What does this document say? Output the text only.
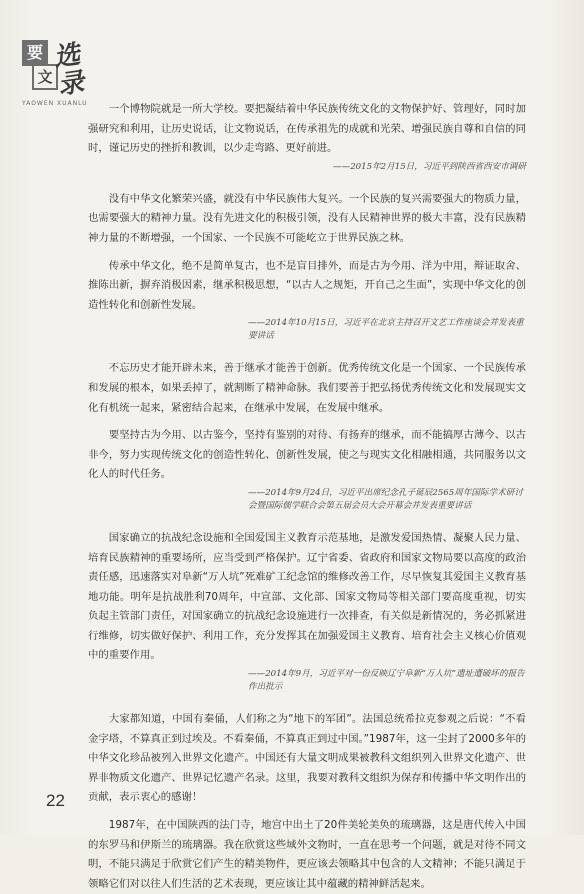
要
文
选录
YAOWEN XUANLU	一个博物院就是一所大学校。要把凝结着中华民族传统文化的文物保护好、管理好，同时加强研究和利用，让历史说话，让文物说话，在传承祖先的成就和光荣、增强民族自尊和自信的同时，谨记历史的挫折和教训，以少走弯路、更好前进。

——2015年2月15日，习近平到陕西省西安市调研

没有中华文化繁荣兴盛，就没有中华民族伟大复兴。一个民族的复兴需要强大的物质力量，也需要强大的精神力量。没有先进文化的积极引领，没有人民精神世界的极大丰富，没有民族精神力量的不断增强，一个国家、一个民族不可能屹立于世界民族之林。

传承中华文化，绝不是简单复古，也不是盲目排外，而是古为今用、洋为中用，辩证取舍、推陈出新，摒弃消极因素，继承积极思想，“以古人之规矩，开自己之生面”，实现中华文化的创造性转化和创新性发展。

——2014年10月15日，习近平在北京主持召开文艺工作座谈会并发表重要讲话

不忘历史才能开辟未来，善于继承才能善于创新。优秀传统文化是一个国家、一个民族传承和发展的根本，如果丢掉了，就割断了精神命脉。我们要善于把弘扬优秀传统文化和发展现实文化有机统一起来，紧密结合起来，在继承中发展，在发展中继承。

要坚持古为今用、以古鉴今，坚持有鉴别的对待、有扬弃的继承，而不能搞厚古薄今、以古非今，努力实现传统文化的创造性转化、创新性发展，使之与现实文化相融相通，共同服务以文化人的时代任务。

——2014年9月24日，习近平出席纪念孔子诞辰2565周年国际学术研讨会暨国际儒学联合会第五届会员大会开幕会并发表重要讲话

国家确立的抗战纪念设施和全国爱国主义教育示范基地，是激发爱国热情、凝聚人民力量、培育民族精神的重要场所，应当受到严格保护。辽宁省委、省政府和国家文物局要以高度的政治责任感，迅速落实对阜新“万人坑”死难矿工纪念馆的维修改善工作，尽早恢复其爱国主义教育基地功能。明年是抗战胜利70周年，中宣部、文化部、国家文物局等相关部门要高度重视，切实负起主管部门责任，对国家确立的抗战纪念设施进行一次排查，有关似是新情况的，务必抓紧进行维修，切实做好保护、利用工作，充分发挥其在加强爱国主义教育、培育社会主义核心价值观中的重要作用。

——2014年9月，习近平对一份反映辽宁阜新“万人坑”遗址遭破坏的报告作出批示

大家都知道，中国有秦俑，人们称之为“地下的军团”。法国总统希拉克参观之后说：“不看金字塔，不算真正到过埃及。不看秦俑，不算真正到过中国。”1987年，这一尘封了2000多年的中华文化珍品被列入世界文化遗产。中国还有大量文明成果被教科文组织列入世界文化遗产、世界非物质文化遗产、世界记忆遗产名录。这里，我要对教科文组织为保存和传播中华文明作出的贡献，表示衷心的感谢！

1987年，在中国陕西的法门寺，地宫中出土了20件美轮美奂的琉璃器，这是唐代传入中国的东罗马和伊斯兰的琉璃器。我在欣赏这些域外文物时，一直在思考一个问题，就是对待不同文明，不能只满足于欣赏它们产生的精美物件，更应该去领略其中包含的人文精神；不能只满足于领略它们对以往人们生活的艺术表现，更应该让其中蕴藏的精神鲜活起来。

22
